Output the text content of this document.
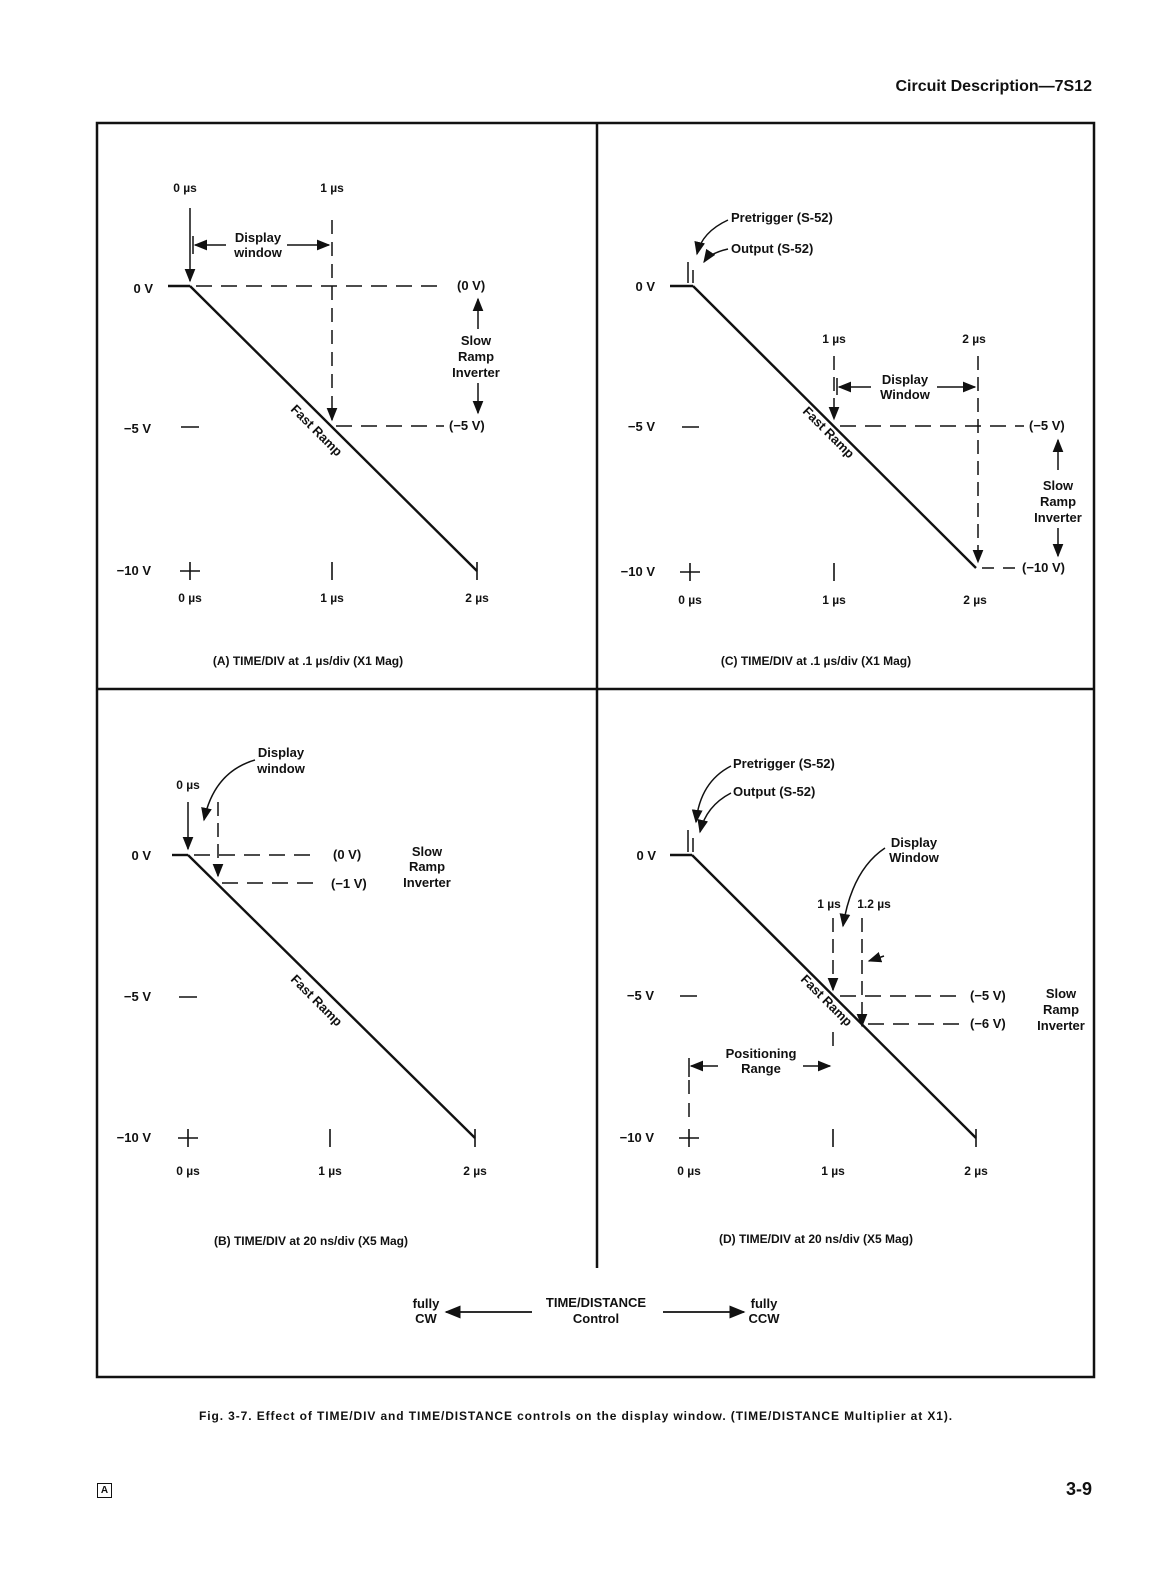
Circuit Description—7S12
0 V
−5 V
−10 V
0 µs	1 µs	2 µs
0 µs	1 µs
Display
window
(0 V)
(−5 V)
Slow
Ramp
Inverter
Fast Ramp
(A) TIME/DIV at .1 µs/div (X1 Mag)
0 V
−5 V
−10 V
0 µs	1 µs	2 µs
0 µs
Display
window
(0 V)
(−1 V)
Slow
Ramp
Inverter
Fast Ramp
(B) TIME/DIV at 20 ns/div (X5 Mag)
0 V
−5 V
−10 V
0 µs	1 µs	2 µs
Pretrigger (S-52)
Output (S-52)
1 µs	2 µs
Display
Window
(−5 V)
(−10 V)
Slow
Ramp
Inverter
Fast Ramp
(C) TIME/DIV at .1 µs/div (X1 Mag)
0 V
−5 V
−10 V
0 µs	1 µs	2 µs
Pretrigger (S-52)
Output (S-52)
Display
Window
1 µs 1.2 µs
(−5 V)
(−6 V)
Slow
Ramp
Inverter
Fast Ramp
Positioning
Range
(D) TIME/DIV at 20 ns/div (X5 Mag)
fully
CW
TIME/DISTANCE
Control
fully
CCW
Fig. 3-7. Effect of TIME/DIV and TIME/DISTANCE controls on the display window. (TIME/DISTANCE Multiplier at X1).
A	3-9
